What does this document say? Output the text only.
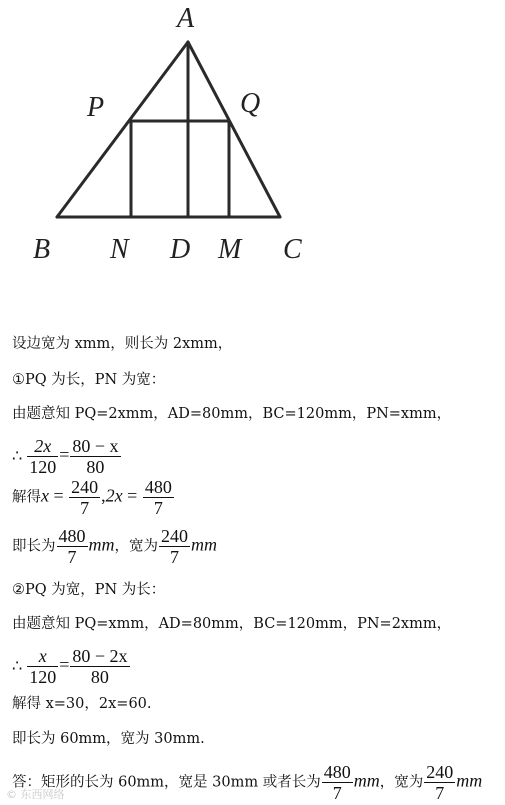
A
P	Q
B N D M C
设边宽为 xmm，则长为 2xmm，
①PQ 为长，PN 为宽：
由题意知 PQ=2xmm，AD=80mm，BC=120mm，PN=xmm，
∴ $\frac{2x}{120} = \frac{80 - x}{80}$
解得$x = \frac{240}{7} ,2x = \frac{480}{7}$
即长为 $\frac{480}{7}$ mm，宽为 $\frac{240}{7}$ mm
②PQ 为宽，PN 为长：
由题意知 PQ=xmm，AD=80mm，BC=120mm，PN=2xmm，
∴ $\frac{x}{120} = \frac{80 - 2x}{80}$
解得 x=30，2x=60.
即长为 60mm，宽为 30mm.
答：矩形的长为 60mm，宽是 30mm 或者长为 $\frac{480}{7}$ mm，宽为 $\frac{240}{7}$ mm
© 东西网络
